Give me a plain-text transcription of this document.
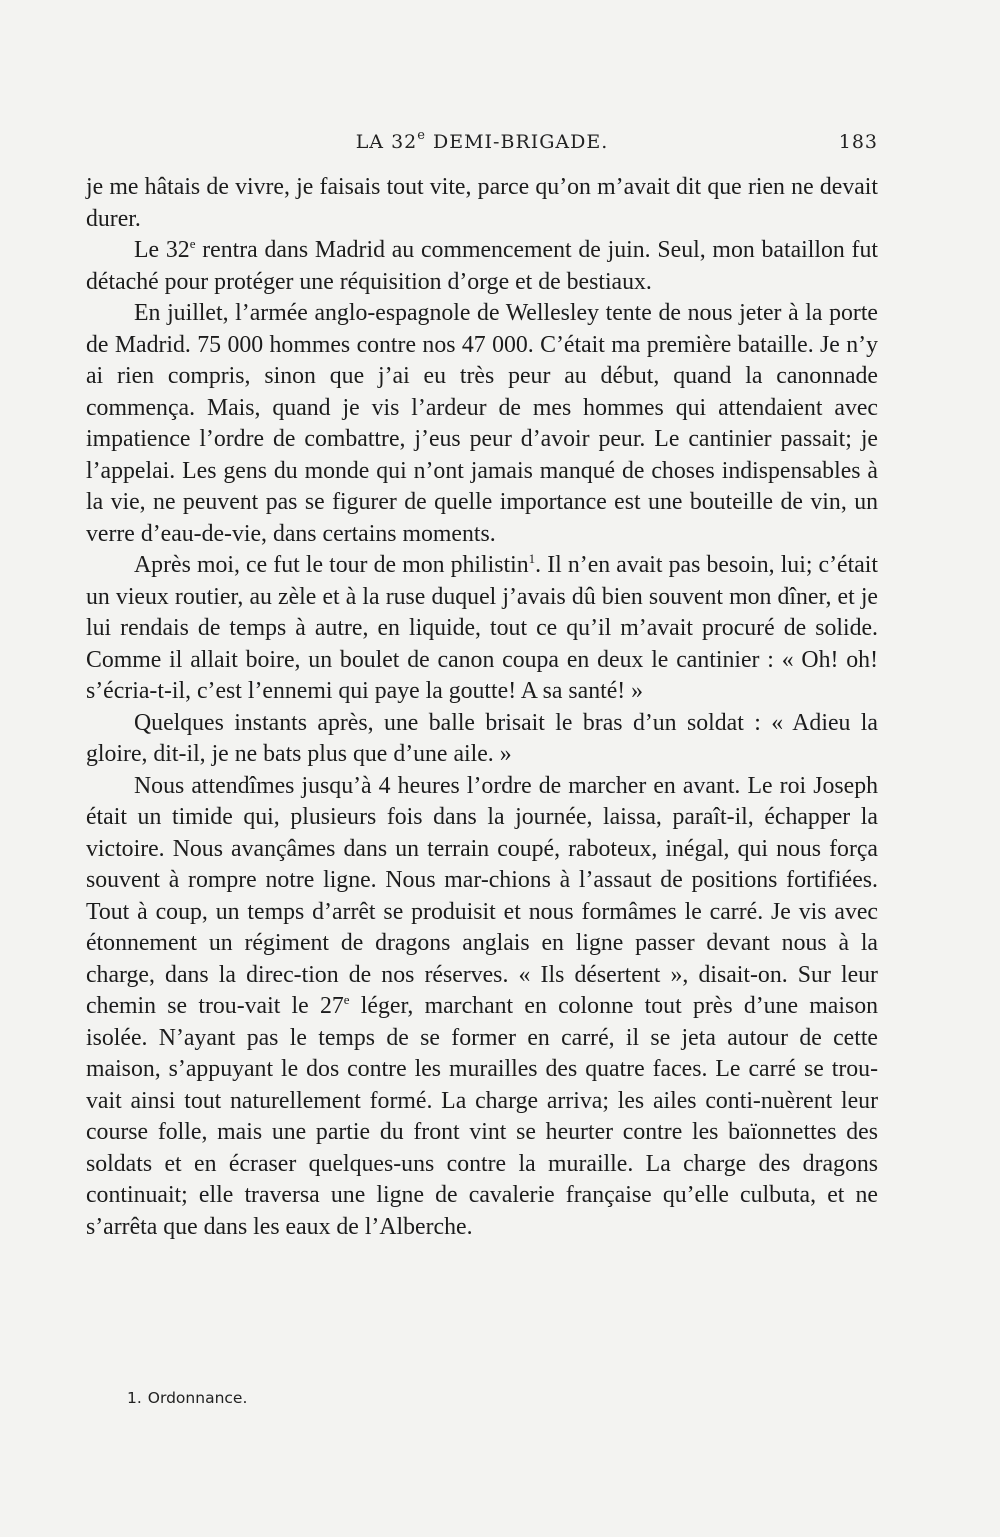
LA 32e DEMI-BRIGADE.	183

je me hâtais de vivre, je faisais tout vite, parce qu’on m’avait dit que rien ne devait durer.

Le 32e rentra dans Madrid au commencement de juin. Seul, mon bataillon fut détaché pour protéger une réquisition d’orge et de bestiaux.

En juillet, l’armée anglo-espagnole de Wellesley tente de nous jeter à la porte de Madrid. 75 000 hommes contre nos 47 000. C’était ma première bataille. Je n’y ai rien compris, sinon que j’ai eu très peur au début, quand la canonnade commença. Mais, quand je vis l’ardeur de mes hommes qui attendaient avec impatience l’ordre de combattre, j’eus peur d’avoir peur. Le cantinier passait; je l’appelai. Les gens du monde qui n’ont jamais manqué de choses indispensables à la vie, ne peuvent pas se figurer de quelle importance est une bouteille de vin, un verre d’eau-de-vie, dans certains moments.

Après moi, ce fut le tour de mon philistin$^1$. Il n’en avait pas besoin, lui; c’était un vieux routier, au zèle et à la ruse duquel j’avais dû bien souvent mon dîner, et je lui rendais de temps à autre, en liquide, tout ce qu’il m’avait procuré de solide. Comme il allait boire, un boulet de canon coupa en deux le cantinier : « Oh! oh! s’écria-t-il, c’est l’ennemi qui paye la goutte! A sa santé! »

Quelques instants après, une balle brisait le bras d’un soldat : « Adieu la gloire, dit-il, je ne bats plus que d’une aile. »

Nous attendîmes jusqu’à 4 heures l’ordre de marcher en avant. Le roi Joseph était un timide qui, plusieurs fois dans la journée, laissa, paraît-il, échapper la victoire. Nous avançâmes dans un terrain coupé, raboteux, inégal, qui nous força souvent à rompre notre ligne. Nous mar-chions à l’assaut de positions fortifiées. Tout à coup, un temps d’arrêt se produisit et nous formâmes le carré. Je vis avec étonnement un régiment de dragons anglais en ligne passer devant nous à la charge, dans la direc-tion de nos réserves. « Ils désertent », disait-on. Sur leur chemin se trou-vait le 27e léger, marchant en colonne tout près d’une maison isolée. N’ayant pas le temps de se former en carré, il se jeta autour de cette maison, s’appuyant le dos contre les murailles des quatre faces. Le carré se trou-vait ainsi tout naturellement formé. La charge arriva; les ailes conti-nuèrent leur course folle, mais une partie du front vint se heurter contre les baïonnettes des soldats et en écraser quelques-uns contre la muraille. La charge des dragons continuait; elle traversa une ligne de cavalerie française qu’elle culbuta, et ne s’arrêta que dans les eaux de l’Alberche.

1. Ordonnance.
